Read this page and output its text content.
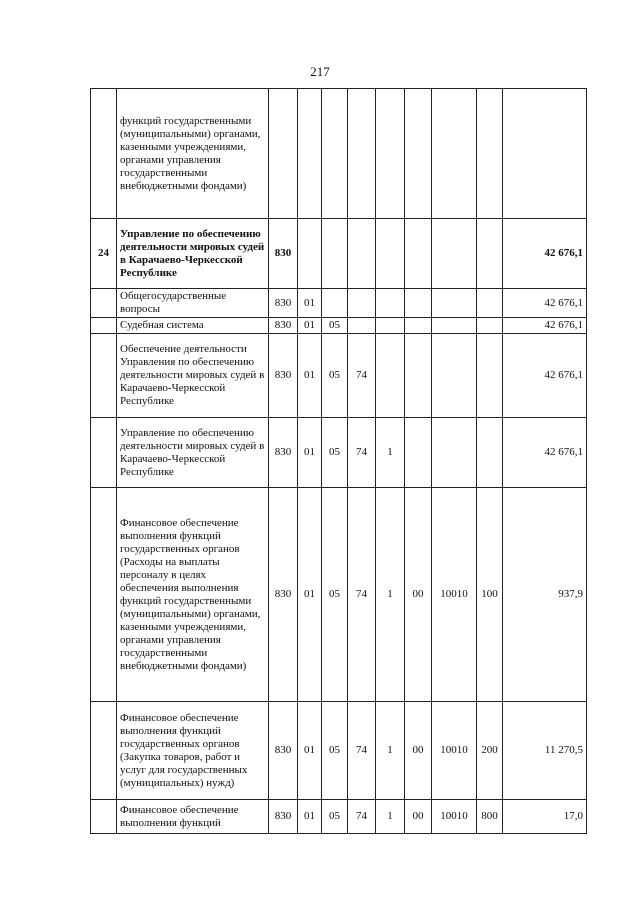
217
	функций государственными (муниципальными) органами, казенными учреждениями, органами управления государственными внебюджетными фондами)									
24	Управление по обеспечению деятельности мировых судей в Карачаево-Черкесской Республике	830								42 676,1
	Общегосударственные вопросы	830	01							42 676,1
	Судебная система	830	01	05						42 676,1
	Обеспечение деятельности Управления по обеспечению деятельности мировых судей в Карачаево-Черкесской Республике	830	01	05	74					42 676,1
	Управление по обеспечению деятельности мировых судей в Карачаево-Черкесской Республике	830	01	05	74	1				42 676,1
	Финансовое обеспечение выполнения функций государственных органов (Расходы на выплаты персоналу в целях обеспечения выполнения функций государственными (муниципальными) органами, казенными учреждениями, органами управления государственными внебюджетными фондами)	830	01	05	74	1	00	10010	100	937,9
	Финансовое обеспечение выполнения функций государственных органов (Закупка товаров, работ и услуг для государственных (муниципальных) нужд)	830	01	05	74	1	00	10010	200	11 270,5
	Финансовое обеспечение выполнения функций	830	01	05	74	1	00	10010	800	17,0
